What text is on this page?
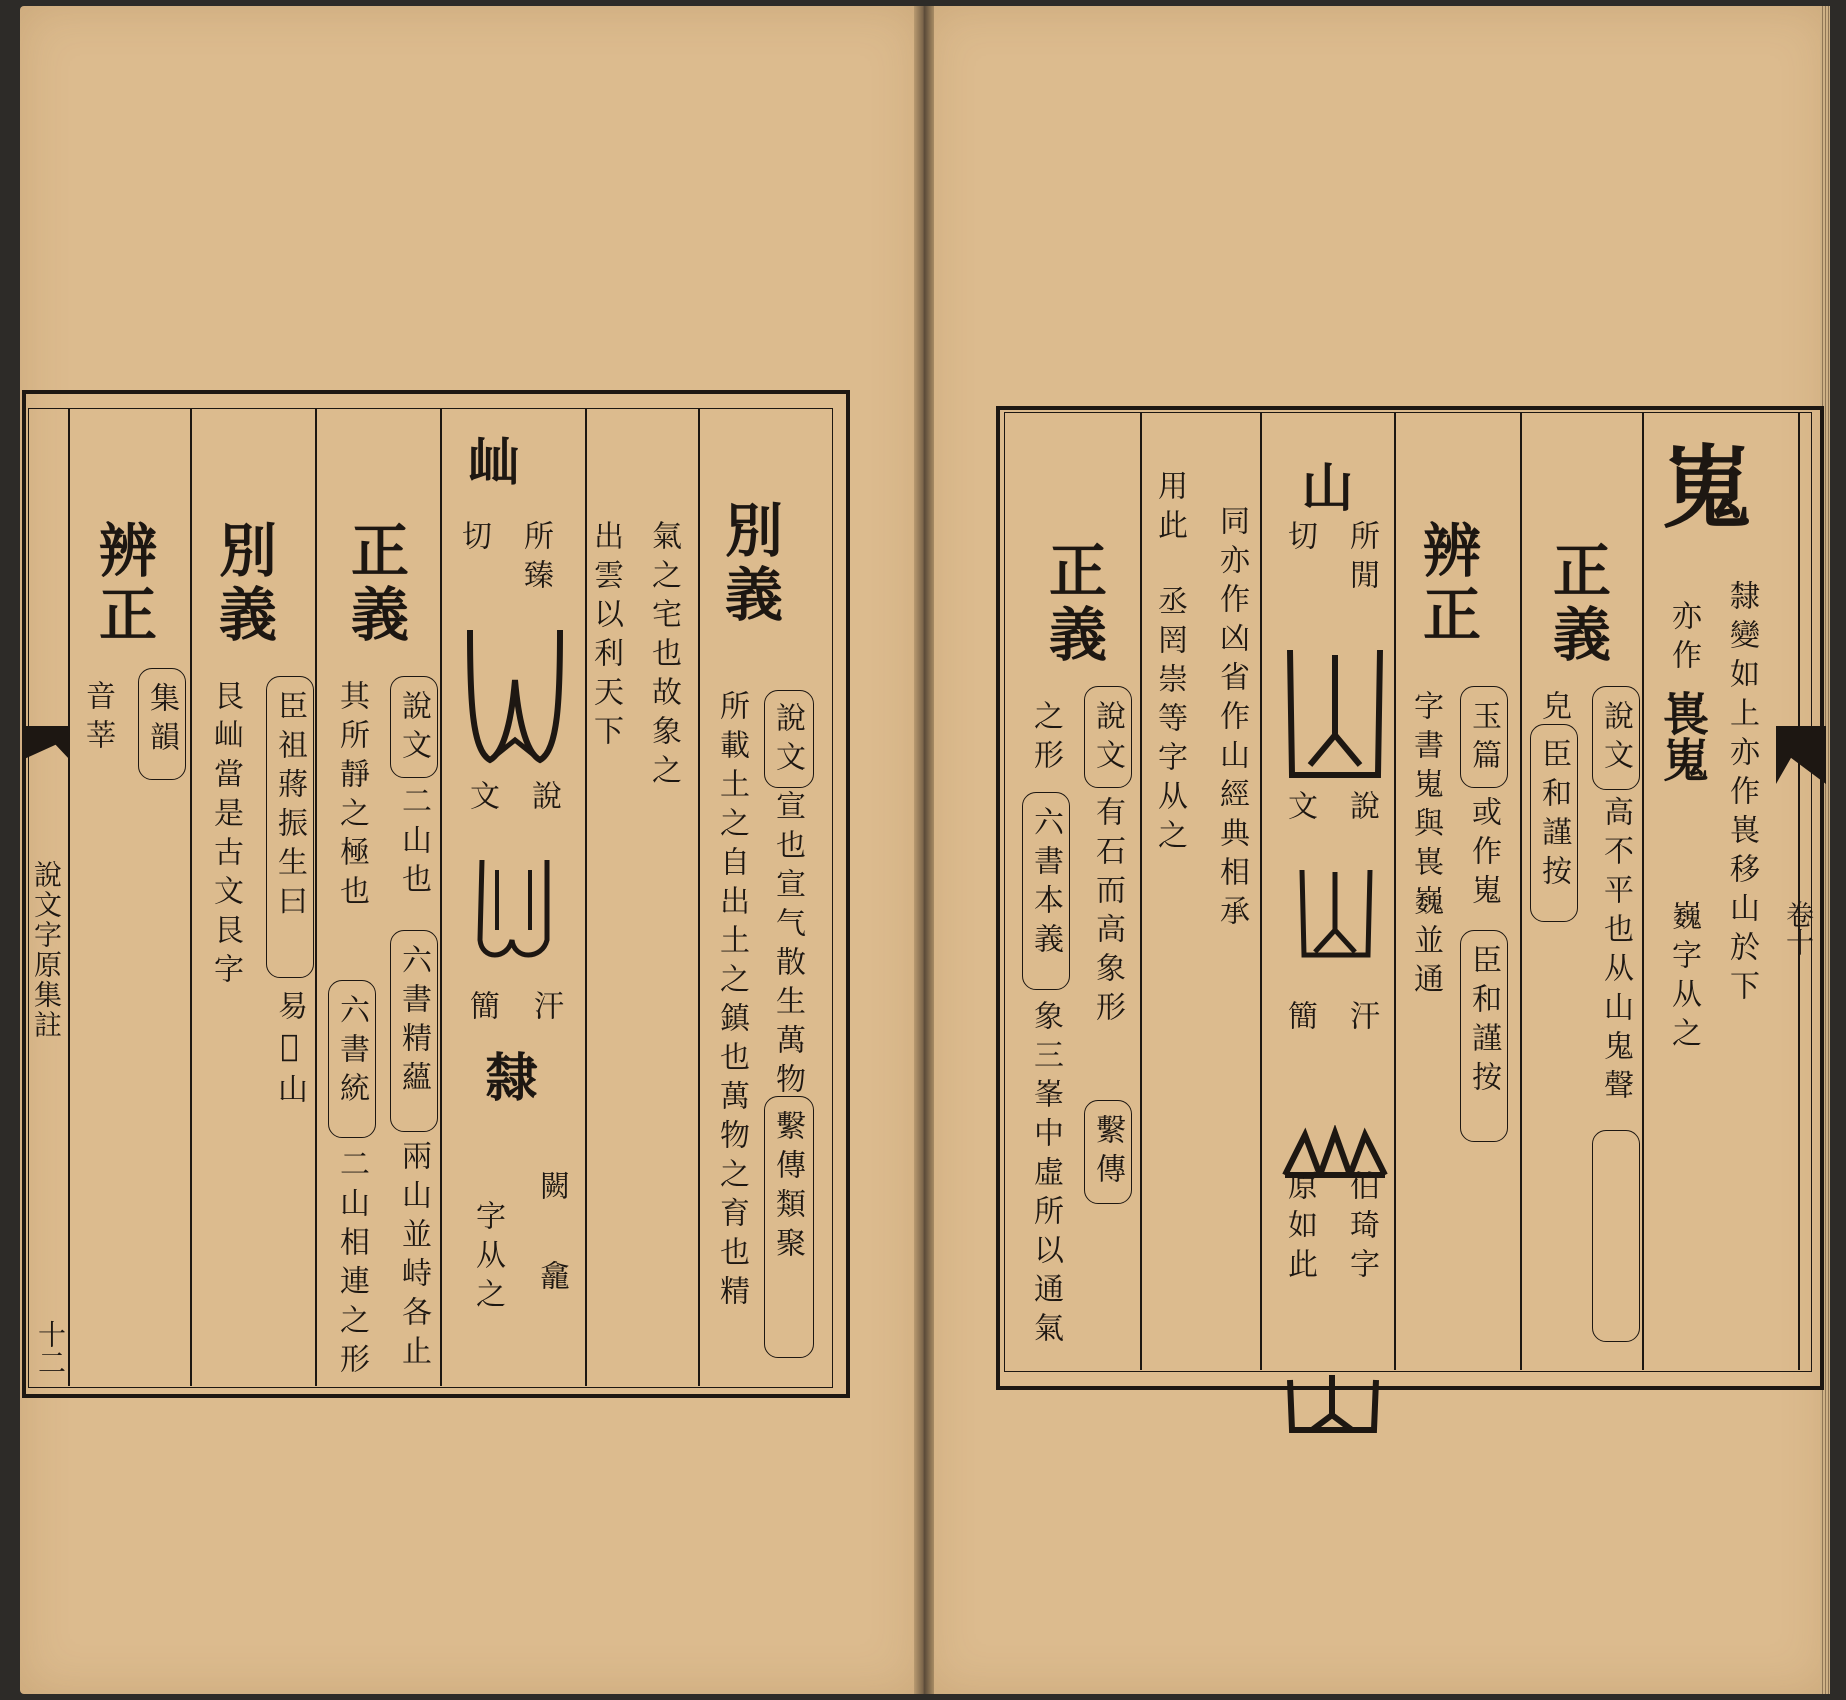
說文字原集註
十二
別義
說文
宣也宣气散生萬物
繫傳類聚
所載土之自出土之鎮也萬物之育也精
氣之宅也故象之
出雲以利天下
屾
所臻
切
說
文
汗
簡
隸
闕
字从之 龕
正義
說文
二山也
六書精蘊
兩山並峙各止
其所靜之極也
六書統
二山相連之形
別義
臣祖蔣振生曰
易𦫵山
艮屾當是古文艮字
辨正
集韻
音莘
卷十
嵬
隸變如上亦作嵔移山於下
亦作
嵔嵬
巍字从之
正義
說文
高不平也从山鬼聲
皃
臣和謹按
辨正
玉篇
或作嵬
字書嵬與嵔巍並通
臣和謹按
山
所閒
切
說
文
汗
簡
伯琦字
原如此
同亦作凶省作山經典相承
用此
丞罔崇等字从之
正義
說文
有石而高象形
繫傳
之形
六書本義
象三峯中虛所以通氣
